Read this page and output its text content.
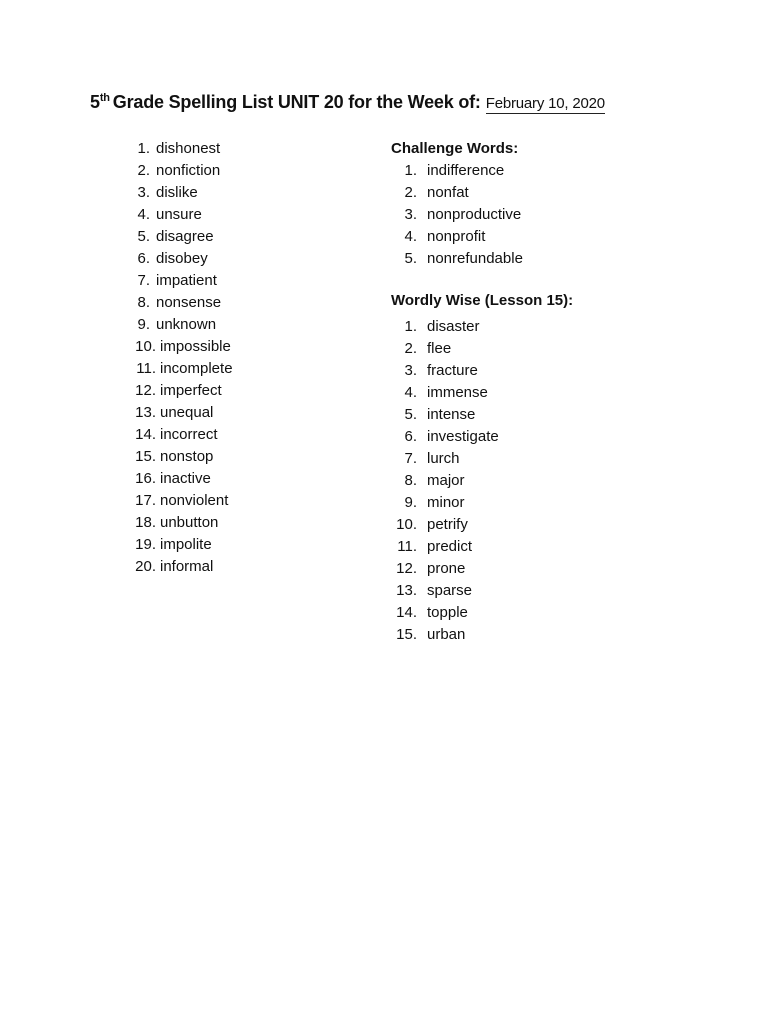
5th Grade Spelling List UNIT 20 for the Week of: February 10, 2020
1. dishonest
2. nonfiction
3. dislike
4. unsure
5. disagree
6. disobey
7. impatient
8. nonsense
9. unknown
10. impossible
11. incomplete
12. imperfect
13. unequal
14. incorrect
15. nonstop
16. inactive
17. nonviolent
18. unbutton
19. impolite
20. informal
Challenge Words:
1. indifference
2. nonfat
3. nonproductive
4. nonprofit
5. nonrefundable
Wordly Wise (Lesson 15):
1. disaster
2. flee
3. fracture
4. immense
5. intense
6. investigate
7. lurch
8. major
9. minor
10. petrify
11. predict
12. prone
13. sparse
14. topple
15. urban
